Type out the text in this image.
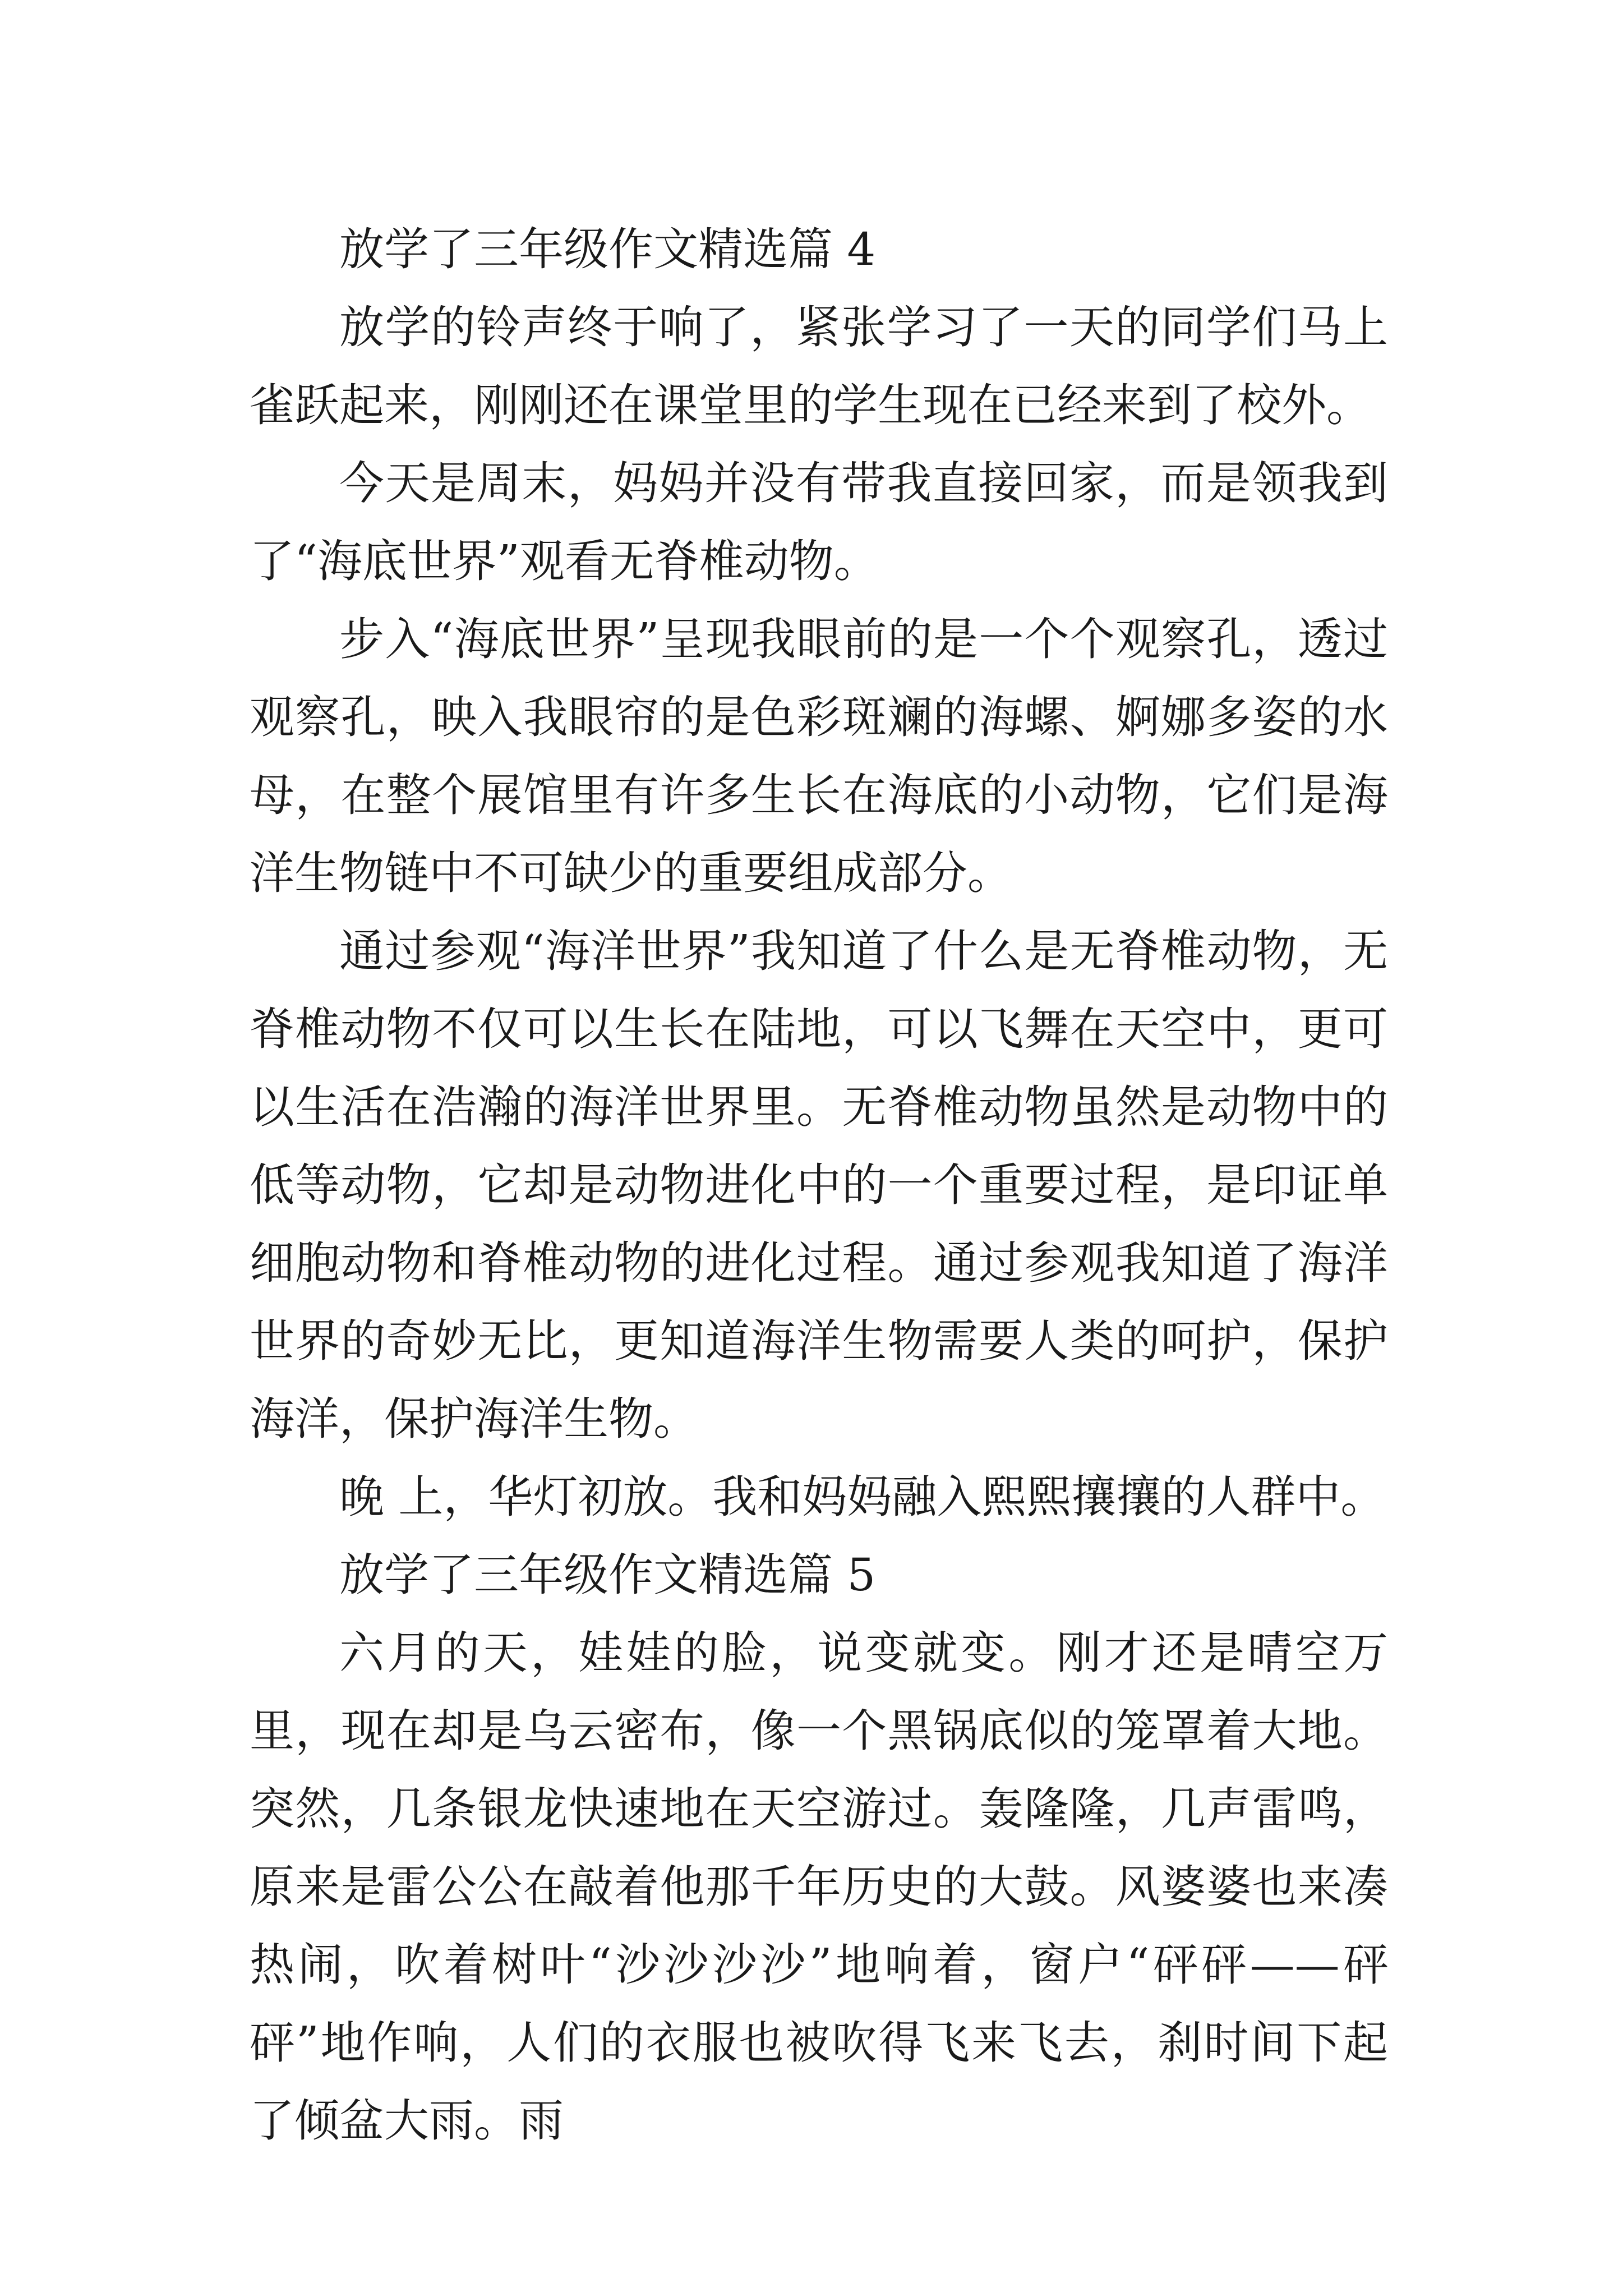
放学了三年级作文精选篇 4

放学的铃声终于响了，紧张学习了一天的同学们马上雀跃起来，刚刚还在课堂里的学生现在已经来到了校外。

今天是周末，妈妈并没有带我直接回家，而是领我到了“海底世界”观看无脊椎动物。

步入“海底世界”呈现我眼前的是一个个观察孔，透过观察孔，映入我眼帘的是色彩斑斓的海螺、婀娜多姿的水母，在整个展馆里有许多生长在海底的小动物，它们是海洋生物链中不可缺少的重要组成部分。

通过参观“海洋世界”我知道了什么是无脊椎动物，无脊椎动物不仅可以生长在陆地，可以飞舞在天空中，更可以生活在浩瀚的海洋世界里。无脊椎动物虽然是动物中的低等动物，它却是动物进化中的一个重要过程，是印证单细胞动物和脊椎动物的进化过程。通过参观我知道了海洋世界的奇妙无比，更知道海洋生物需要人类的呵护，保护海洋，保护海洋生物。

晚 上，华灯初放。我和妈妈融入熙熙攘攘的人群中。

放学了三年级作文精选篇 5

六月的天，娃娃的脸，说变就变。刚才还是晴空万里，现在却是乌云密布，像一个黑锅底似的笼罩着大地。突然，几条银龙快速地在天空游过。轰隆隆，几声雷鸣，原来是雷公公在敲着他那千年历史的大鼓。风婆婆也来凑热闹，吹着树叶“沙沙沙沙”地响着，窗户“砰砰——砰砰”地作响，人们的衣服也被吹得飞来飞去，刹时间下起了倾盆大雨。雨
